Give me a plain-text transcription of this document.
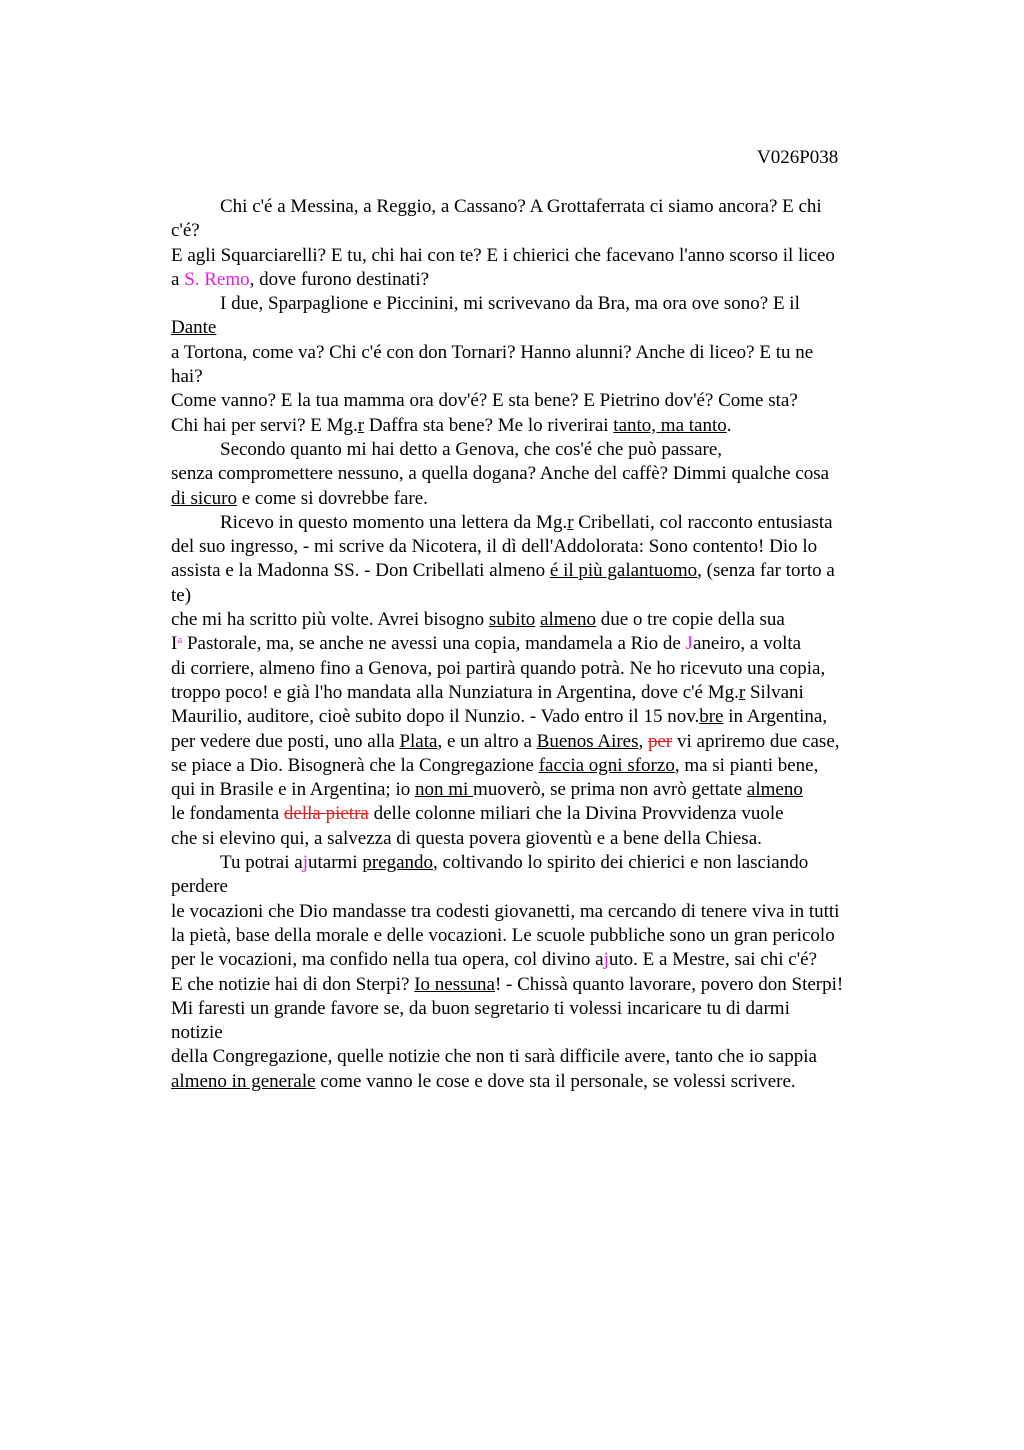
V026P038
Chi c'é a Messina, a Reggio, a Cassano? A Grottaferrata ci siamo ancora? E chi
c'é?
E agli Squarciarelli? E tu, chi hai con te? E i chierici che facevano l'anno scorso il liceo
a S. Remo, dove furono destinati?
I due, Sparpaglione e Piccinini, mi scrivevano da Bra, ma ora ove sono? E il
Dante
a Tortona, come va? Chi c'é con don Tornari? Hanno alunni? Anche di liceo? E tu ne
hai?
Come vanno? E la tua mamma ora dov'é? E sta bene? E Pietrino dov'é? Come sta?
Chi hai per servi? E Mg.r Daffra sta bene? Me lo riverirai tanto, ma tanto.
Secondo quanto mi hai detto a Genova, che cos'é che può passare,
senza compromettere nessuno, a quella dogana? Anche del caffè? Dimmi qualche cosa
di sicuro e come si dovrebbe fare.
Ricevo in questo momento una lettera da Mg.r Cribellati, col racconto entusiasta
del suo ingresso, - mi scrive da Nicotera, il dì dell'Addolorata: Sono contento! Dio lo
assista e la Madonna SS. - Don Cribellati almeno é il più galantuomo, (senza far torto a
te)
che mi ha scritto più volte. Avrei bisogno subito almeno due o tre copie della sua
$I^a$ Pastorale, ma, se anche ne avessi una copia, mandamela a Rio de Janeiro, a volta
di corriere, almeno fino a Genova, poi partirà quando potrà. Ne ho ricevuto una copia,
troppo poco! e già l'ho mandata alla Nunziatura in Argentina, dove c'é Mg.r Silvani
Maurilio, auditore, cioè subito dopo il Nunzio. - Vado entro il 15 nov.bre in Argentina,
per vedere due posti, uno alla Plata, e un altro a Buenos Aires, per vi apriremo due case,
se piace a Dio. Bisognerà che la Congregazione faccia ogni sforzo, ma si pianti bene,
qui in Brasile e in Argentina; io non mi muoverò, se prima non avrò gettate almeno
le fondamenta della pietra delle colonne miliari che la Divina Provvidenza vuole
che si elevino qui, a salvezza di questa povera gioventù e a bene della Chiesa.
Tu potrai ajutarmi pregando, coltivando lo spirito dei chierici e non lasciando
perdere
le vocazioni che Dio mandasse tra codesti giovanetti, ma cercando di tenere viva in tutti
la pietà, base della morale e delle vocazioni. Le scuole pubbliche sono un gran pericolo
per le vocazioni, ma confido nella tua opera, col divino ajuto. E a Mestre, sai chi c'é?
E che notizie hai di don Sterpi? Io nessuna! - Chissà quanto lavorare, povero don Sterpi!
Mi faresti un grande favore se, da buon segretario ti volessi incaricare tu di darmi
notizie
della Congregazione, quelle notizie che non ti sarà difficile avere, tanto che io sappia
almeno in generale come vanno le cose e dove sta il personale, se volessi scrivere.
